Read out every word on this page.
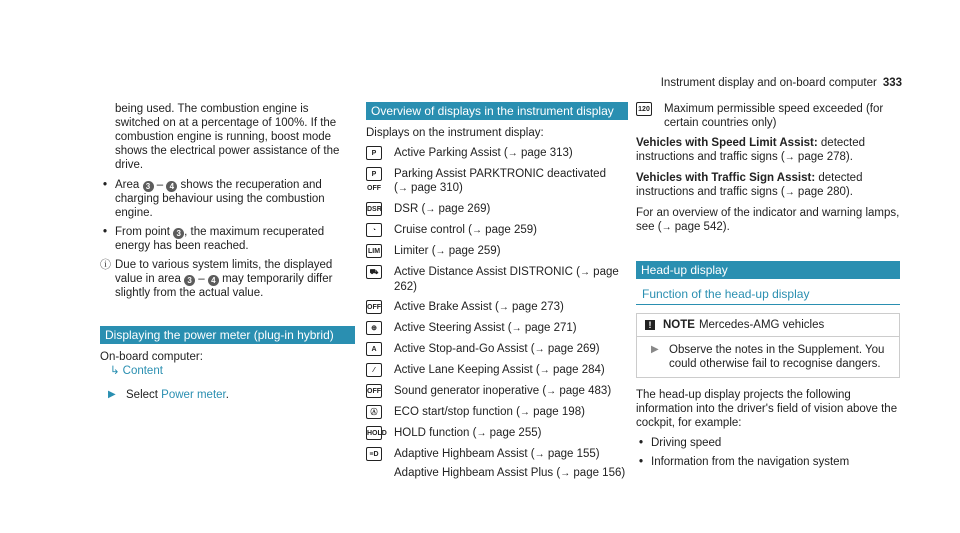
Instrument display and on-board computer 333

being used. The combustion engine is switched on at a percentage of 100%. If the combustion engine is running, boost mode shows the electrical power assistance of the drive.

• Area 3 – 4 shows the recuperation and charging behaviour using the combustion engine.
• From point 3 , the maximum recuperated energy has been reached.
ⓘ Due to various system limits, the displayed value in area 3 – 4 may temporarily differ slightly from the actual value.
Displaying the power meter (plug-in hybrid)

On-board computer:

↳ Content
▶ Select Power meter.
Overview of displays in the instrument display

Displays on the instrument display:

P	Active Parking Assist (→ page 313)
P OFF
Parking Assist PARKTRONIC deactivated (→ page 310)
DSR DSR (→ page 269)
◔	Cruise control (→ page 259)
LIM Limiter (→ page 259)
⛟	Active Distance Assist DISTRONIC (→ page 262)
OFF Active Brake Assist (→ page 273)
⊕	Active Steering Assist (→ page 271)
A	Active Stop-and-Go Assist (→ page 269)
⁄	Active Lane Keeping Assist (→ page 284)
OFF Sound generator inoperative (→ page 483)
Ⓐ	ECO start/stop function (→ page 198)
HOLD HOLD function (→ page 255)
≡D Adaptive Highbeam Assist (→ page 155)
Adaptive Highbeam Assist Plus (→ page 156)
120 Maximum permissible speed exceeded (for certain countries only)

Vehicles with Speed Limit Assist: detected instructions and traffic signs (→ page 278).

Vehicles with Traffic Sign Assist: detected instructions and traffic signs (→ page 280).

For an overview of the indicator and warning lamps, see (→ page 542).

Head-up display
Function of the head-up display
! NOTE Mercedes-AMG vehicles
▶ Observe the notes in the Supplement. You could otherwise fail to recognise dangers.

The head-up display projects the following information into the driver's field of vision above the cockpit, for example:

• Driving speed
• Information from the navigation system
